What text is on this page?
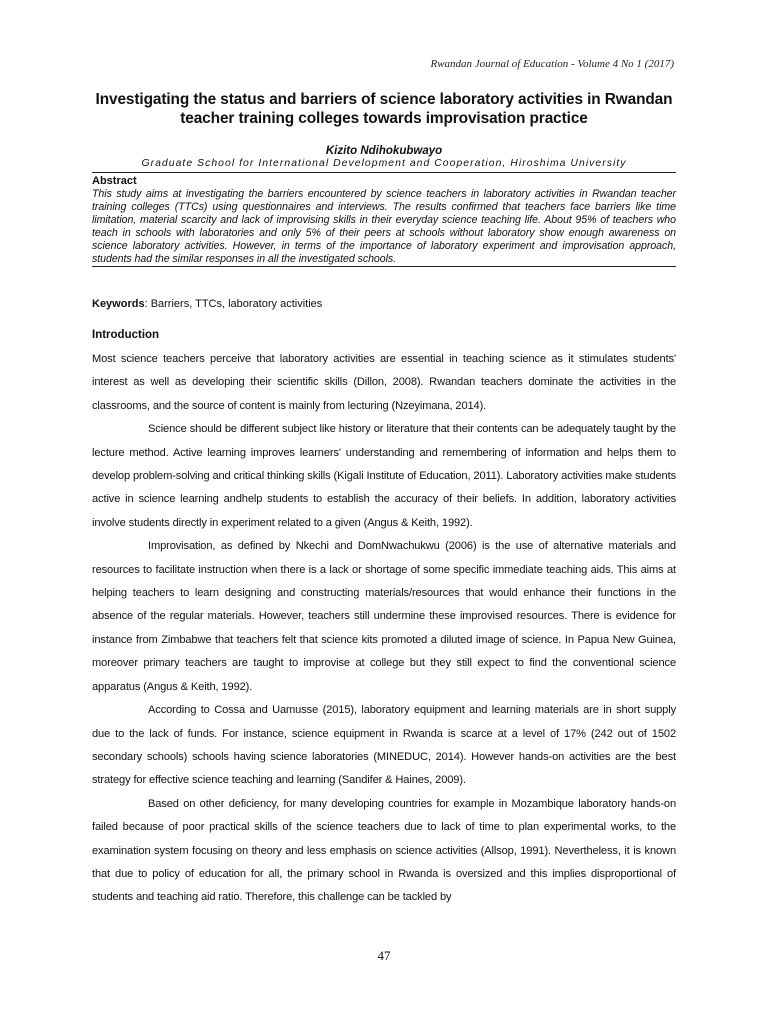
Rwandan Journal of Education - Volume 4 No 1 (2017)
Investigating the status and barriers of science laboratory activities in Rwandan teacher training colleges towards improvisation practice
Kizito Ndihokubwayo
Graduate School for International Development and Cooperation, Hiroshima University
Abstract
This study aims at investigating the barriers encountered by science teachers in laboratory activities in Rwandan teacher training colleges (TTCs) using questionnaires and interviews. The results confirmed that teachers face barriers like time limitation, material scarcity and lack of improvising skills in their everyday science teaching life. About 95% of teachers who teach in schools with laboratories and only 5% of their peers at schools without laboratory show enough awareness on science laboratory activities. However, in terms of the importance of laboratory experiment and improvisation approach, students had the similar responses in all the investigated schools.
Keywords: Barriers, TTCs, laboratory activities
Introduction

Most science teachers perceive that laboratory activities are essential in teaching science as it stimulates students' interest as well as developing their scientific skills (Dillon, 2008). Rwandan teachers dominate the activities in the classrooms, and the source of content is mainly from lecturing (Nzeyimana, 2014).

Science should be different subject like history or literature that their contents can be adequately taught by the lecture method. Active learning improves learners' understanding and remembering of information and helps them to develop problem-solving and critical thinking skills (Kigali Institute of Education, 2011). Laboratory activities make students active in science learning andhelp students to establish the accuracy of their beliefs. In addition, laboratory activities involve students directly in experiment related to a given (Angus & Keith, 1992).

Improvisation, as defined by Nkechi and DomNwachukwu (2006) is the use of alternative materials and resources to facilitate instruction when there is a lack or shortage of some specific immediate teaching aids. This aims at helping teachers to learn designing and constructing materials/resources that would enhance their functions in the absence of the regular materials. However, teachers still undermine these improvised resources. There is evidence for instance from Zimbabwe that teachers felt that science kits promoted a diluted image of science. In Papua New Guinea, moreover primary teachers are taught to improvise at college but they still expect to find the conventional science apparatus (Angus & Keith, 1992).

According to Cossa and Uamusse (2015), laboratory equipment and learning materials are in short supply due to the lack of funds. For instance, science equipment in Rwanda is scarce at a level of 17% (242 out of 1502 secondary schools) schools having science laboratories (MINEDUC, 2014). However hands-on activities are the best strategy for effective science teaching and learning (Sandifer & Haines, 2009).

Based on other deficiency, for many developing countries for example in Mozambique laboratory hands-on failed because of poor practical skills of the science teachers due to lack of time to plan experimental works, to the examination system focusing on theory and less emphasis on science activities (Allsop, 1991). Nevertheless, it is known that due to policy of education for all, the primary school in Rwanda is oversized and this implies disproportional of students and teaching aid ratio. Therefore, this challenge can be tackled by

47
